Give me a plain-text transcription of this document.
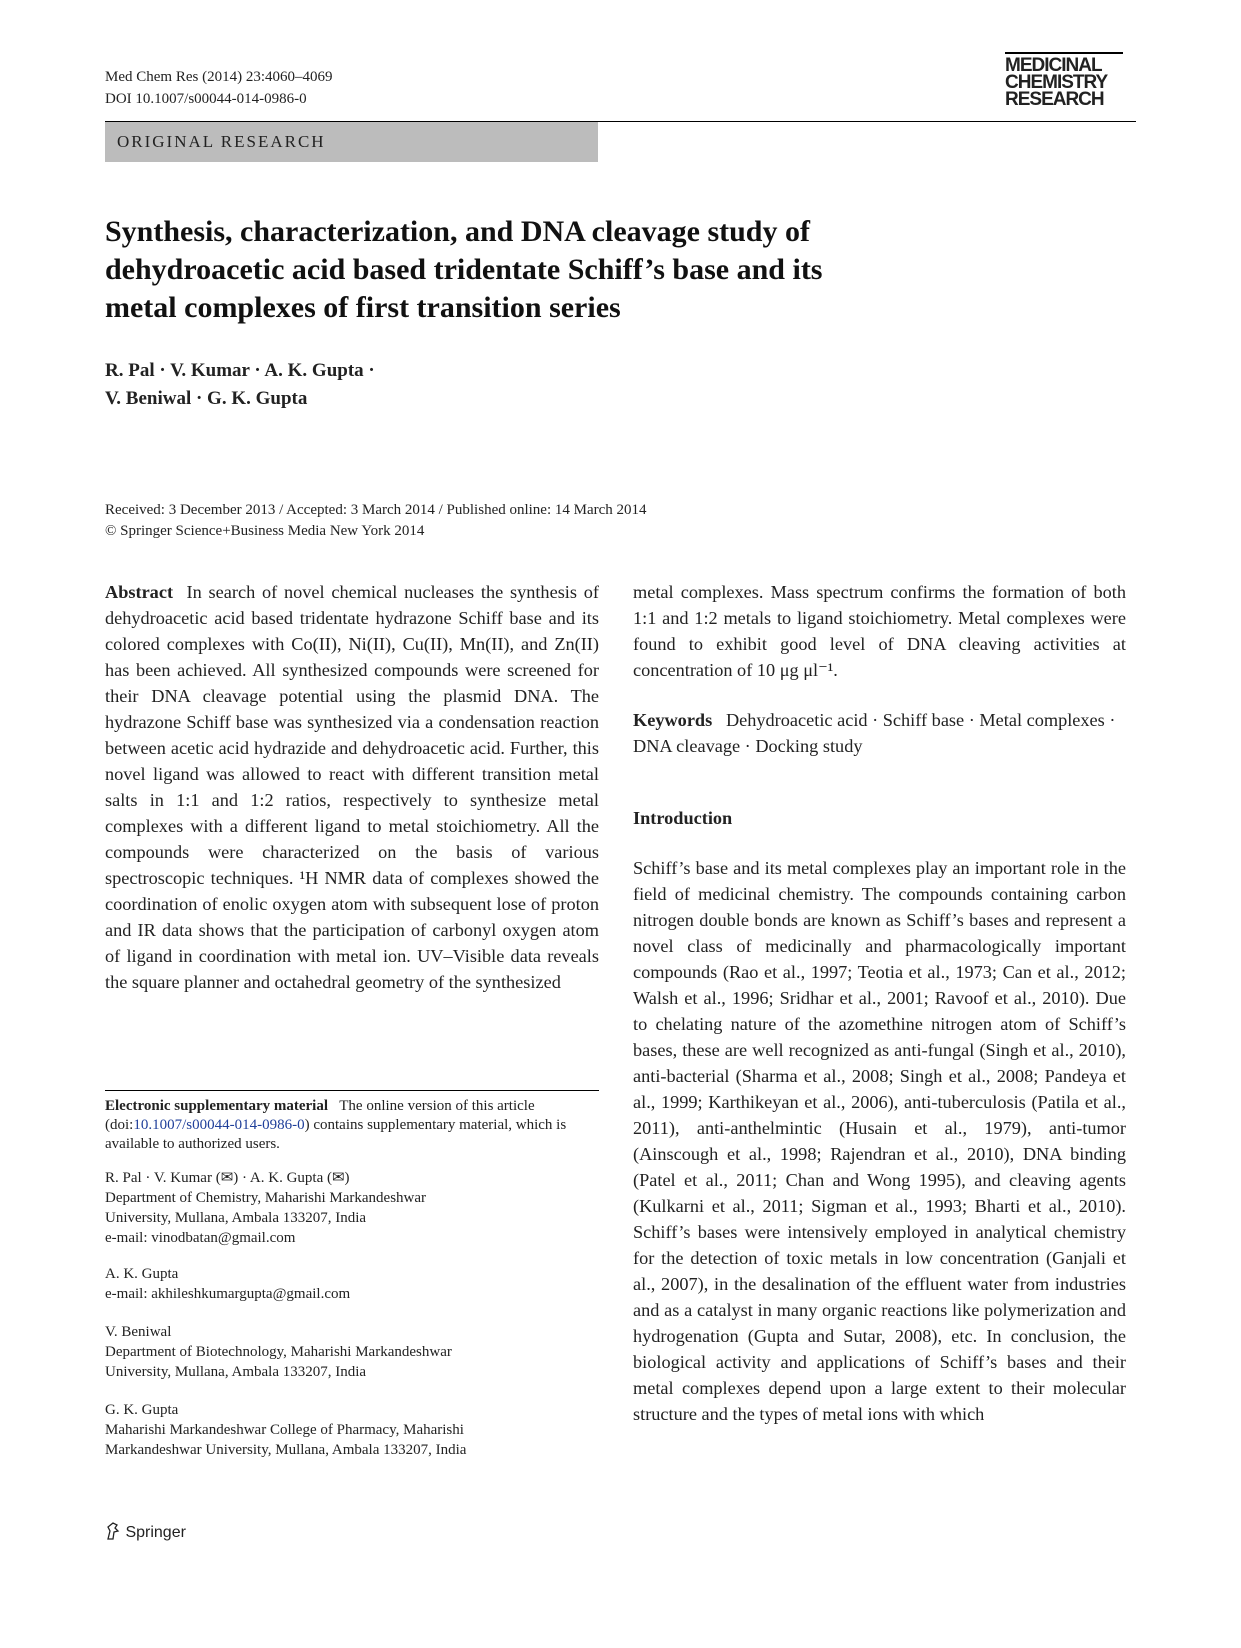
Med Chem Res (2014) 23:4060–4069
DOI 10.1007/s00044-014-0986-0
MEDICINAL
CHEMISTRY
RESEARCH
ORIGINAL RESEARCH
Synthesis, characterization, and DNA cleavage study of dehydroacetic acid based tridentate Schiff’s base and its metal complexes of first transition series
R. Pal · V. Kumar · A. K. Gupta ·
V. Beniwal · G. K. Gupta
Received: 3 December 2013 / Accepted: 3 March 2014 / Published online: 14 March 2014
© Springer Science+Business Media New York 2014

Abstract In search of novel chemical nucleases the synthesis of dehydroacetic acid based tridentate hydrazone Schiff base and its colored complexes with Co(II), Ni(II), Cu(II), Mn(II), and Zn(II) has been achieved. All synthesized compounds were screened for their DNA cleavage potential using the plasmid DNA. The hydrazone Schiff base was synthesized via a condensation reaction between acetic acid hydrazide and dehydroacetic acid. Further, this novel ligand was allowed to react with different transition metal salts in 1:1 and 1:2 ratios, respectively to synthesize metal complexes with a different ligand to metal stoichiometry. All the compounds were characterized on the basis of various spectroscopic techniques. ¹H NMR data of complexes showed the coordination of enolic oxygen atom with subsequent lose of proton and IR data shows that the participation of carbonyl oxygen atom of ligand in coordination with metal ion. UV–Visible data reveals the square planner and octahedral geometry of the synthesized

metal complexes. Mass spectrum confirms the formation of both 1:1 and 1:2 metals to ligand stoichiometry. Metal complexes were found to exhibit good level of DNA cleaving activities at concentration of 10 μg μl⁻¹.

Keywords Dehydroacetic acid · Schiff base · Metal complexes · DNA cleavage · Docking study

Introduction

Schiff’s base and its metal complexes play an important role in the field of medicinal chemistry. The compounds containing carbon nitrogen double bonds are known as Schiff’s bases and represent a novel class of medicinally and pharmacologically important compounds (Rao et al., 1997; Teotia et al., 1973; Can et al., 2012; Walsh et al., 1996; Sridhar et al., 2001; Ravoof et al., 2010). Due to chelating nature of the azomethine nitrogen atom of Schiff’s bases, these are well recognized as anti-fungal (Singh et al., 2010), anti-bacterial (Sharma et al., 2008; Singh et al., 2008; Pandeya et al., 1999; Karthikeyan et al., 2006), anti-tuberculosis (Patila et al., 2011), anti-anthelmintic (Husain et al., 1979), anti-tumor (Ainscough et al., 1998; Rajendran et al., 2010), DNA binding (Patel et al., 2011; Chan and Wong 1995), and cleaving agents (Kulkarni et al., 2011; Sigman et al., 1993; Bharti et al., 2010). Schiff’s bases were intensively employed in analytical chemistry for the detection of toxic metals in low concentration (Ganjali et al., 2007), in the desalination of the effluent water from industries and as a catalyst in many organic reactions like polymerization and hydrogenation (Gupta and Sutar, 2008), etc. In conclusion, the biological activity and applications of Schiff’s bases and their metal complexes depend upon a large extent to their molecular structure and the types of metal ions with which

Electronic supplementary material The online version of this article (doi:10.1007/s00044-014-0986-0) contains supplementary material, which is available to authorized users.
R. Pal · V. Kumar (✉) · A. K. Gupta (✉)
Department of Chemistry, Maharishi Markandeshwar
University, Mullana, Ambala 133207, India
e-mail: vinodbatan@gmail.com
A. K. Gupta
e-mail: akhileshkumargupta@gmail.com
V. Beniwal
Department of Biotechnology, Maharishi Markandeshwar
University, Mullana, Ambala 133207, India
G. K. Gupta
Maharishi Markandeshwar College of Pharmacy, Maharishi
Markandeshwar University, Mullana, Ambala 133207, India
Springer
